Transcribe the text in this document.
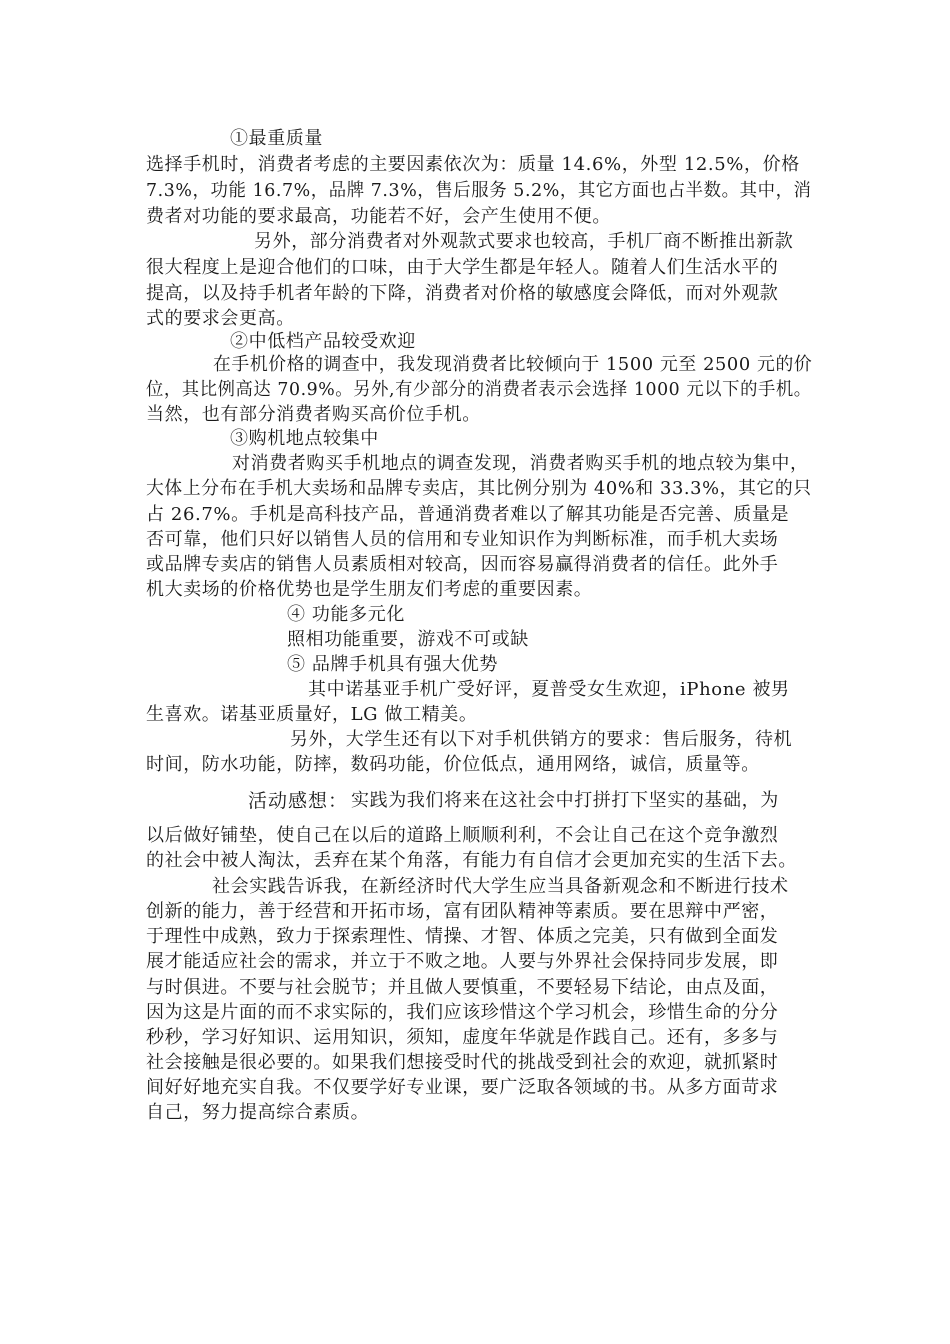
①最重质量
选择手机时，消费者考虑的主要因素依次为：质量 14.6%，外型 12.5%，价格
7.3%，功能 16.7%，品牌 7.3%，售后服务 5.2%，其它方面也占半数。其中，消
费者对功能的要求最高，功能若不好，会产生使用不便。
另外，部分消费者对外观款式要求也较高，手机厂商不断推出新款
很大程度上是迎合他们的口味，由于大学生都是年轻人。随着人们生活水平的
提高，以及持手机者年龄的下降，消费者对价格的敏感度会降低，而对外观款
式的要求会更高。
②中低档产品较受欢迎
在手机价格的调查中，我发现消费者比较倾向于 1500 元至 2500 元的价
位，其比例高达 70.9%。另外,有少部分的消费者表示会选择 1000 元以下的手机。
当然，也有部分消费者购买高价位手机。
③购机地点较集中
对消费者购买手机地点的调查发现，消费者购买手机的地点较为集中，
大体上分布在手机大卖场和品牌专卖店，其比例分别为 40%和 33.3%，其它的只
占 26.7%。手机是高科技产品，普通消费者难以了解其功能是否完善、质量是
否可靠，他们只好以销售人员的信用和专业知识作为判断标准，而手机大卖场
或品牌专卖店的销售人员素质相对较高，因而容易赢得消费者的信任。此外手
机大卖场的价格优势也是学生朋友们考虑的重要因素。
④ 功能多元化
照相功能重要，游戏不可或缺
⑤ 品牌手机具有强大优势
其中诺基亚手机广受好评，夏普受女生欢迎，iPhone 被男
生喜欢。诺基亚质量好，LG 做工精美。
另外，大学生还有以下对手机供销方的要求：售后服务，待机
时间，防水功能，防摔，数码功能，价位低点，通用网络，诚信，质量等。
活动感想： 实践为我们将来在这社会中打拼打下坚实的基础，为
以后做好铺垫，使自己在以后的道路上顺顺利利，不会让自己在这个竞争激烈
的社会中被人淘汰，丢弃在某个角落，有能力有自信才会更加充实的生活下去。
社会实践告诉我，在新经济时代大学生应当具备新观念和不断进行技术
创新的能力，善于经营和开拓市场，富有团队精神等素质。要在思辩中严密，
于理性中成熟，致力于探索理性、情操、才智、体质之完美，只有做到全面发
展才能适应社会的需求，并立于不败之地。人要与外界社会保持同步发展，即
与时俱进。不要与社会脱节；并且做人要慎重，不要轻易下结论，由点及面，
因为这是片面的而不求实际的，我们应该珍惜这个学习机会，珍惜生命的分分
秒秒，学习好知识、运用知识，须知，虚度年华就是作践自己。还有，多多与
社会接触是很必要的。如果我们想接受时代的挑战受到社会的欢迎，就抓紧时
间好好地充实自我。不仅要学好专业课，要广泛取各领域的书。从多方面苛求
自己，努力提高综合素质。
